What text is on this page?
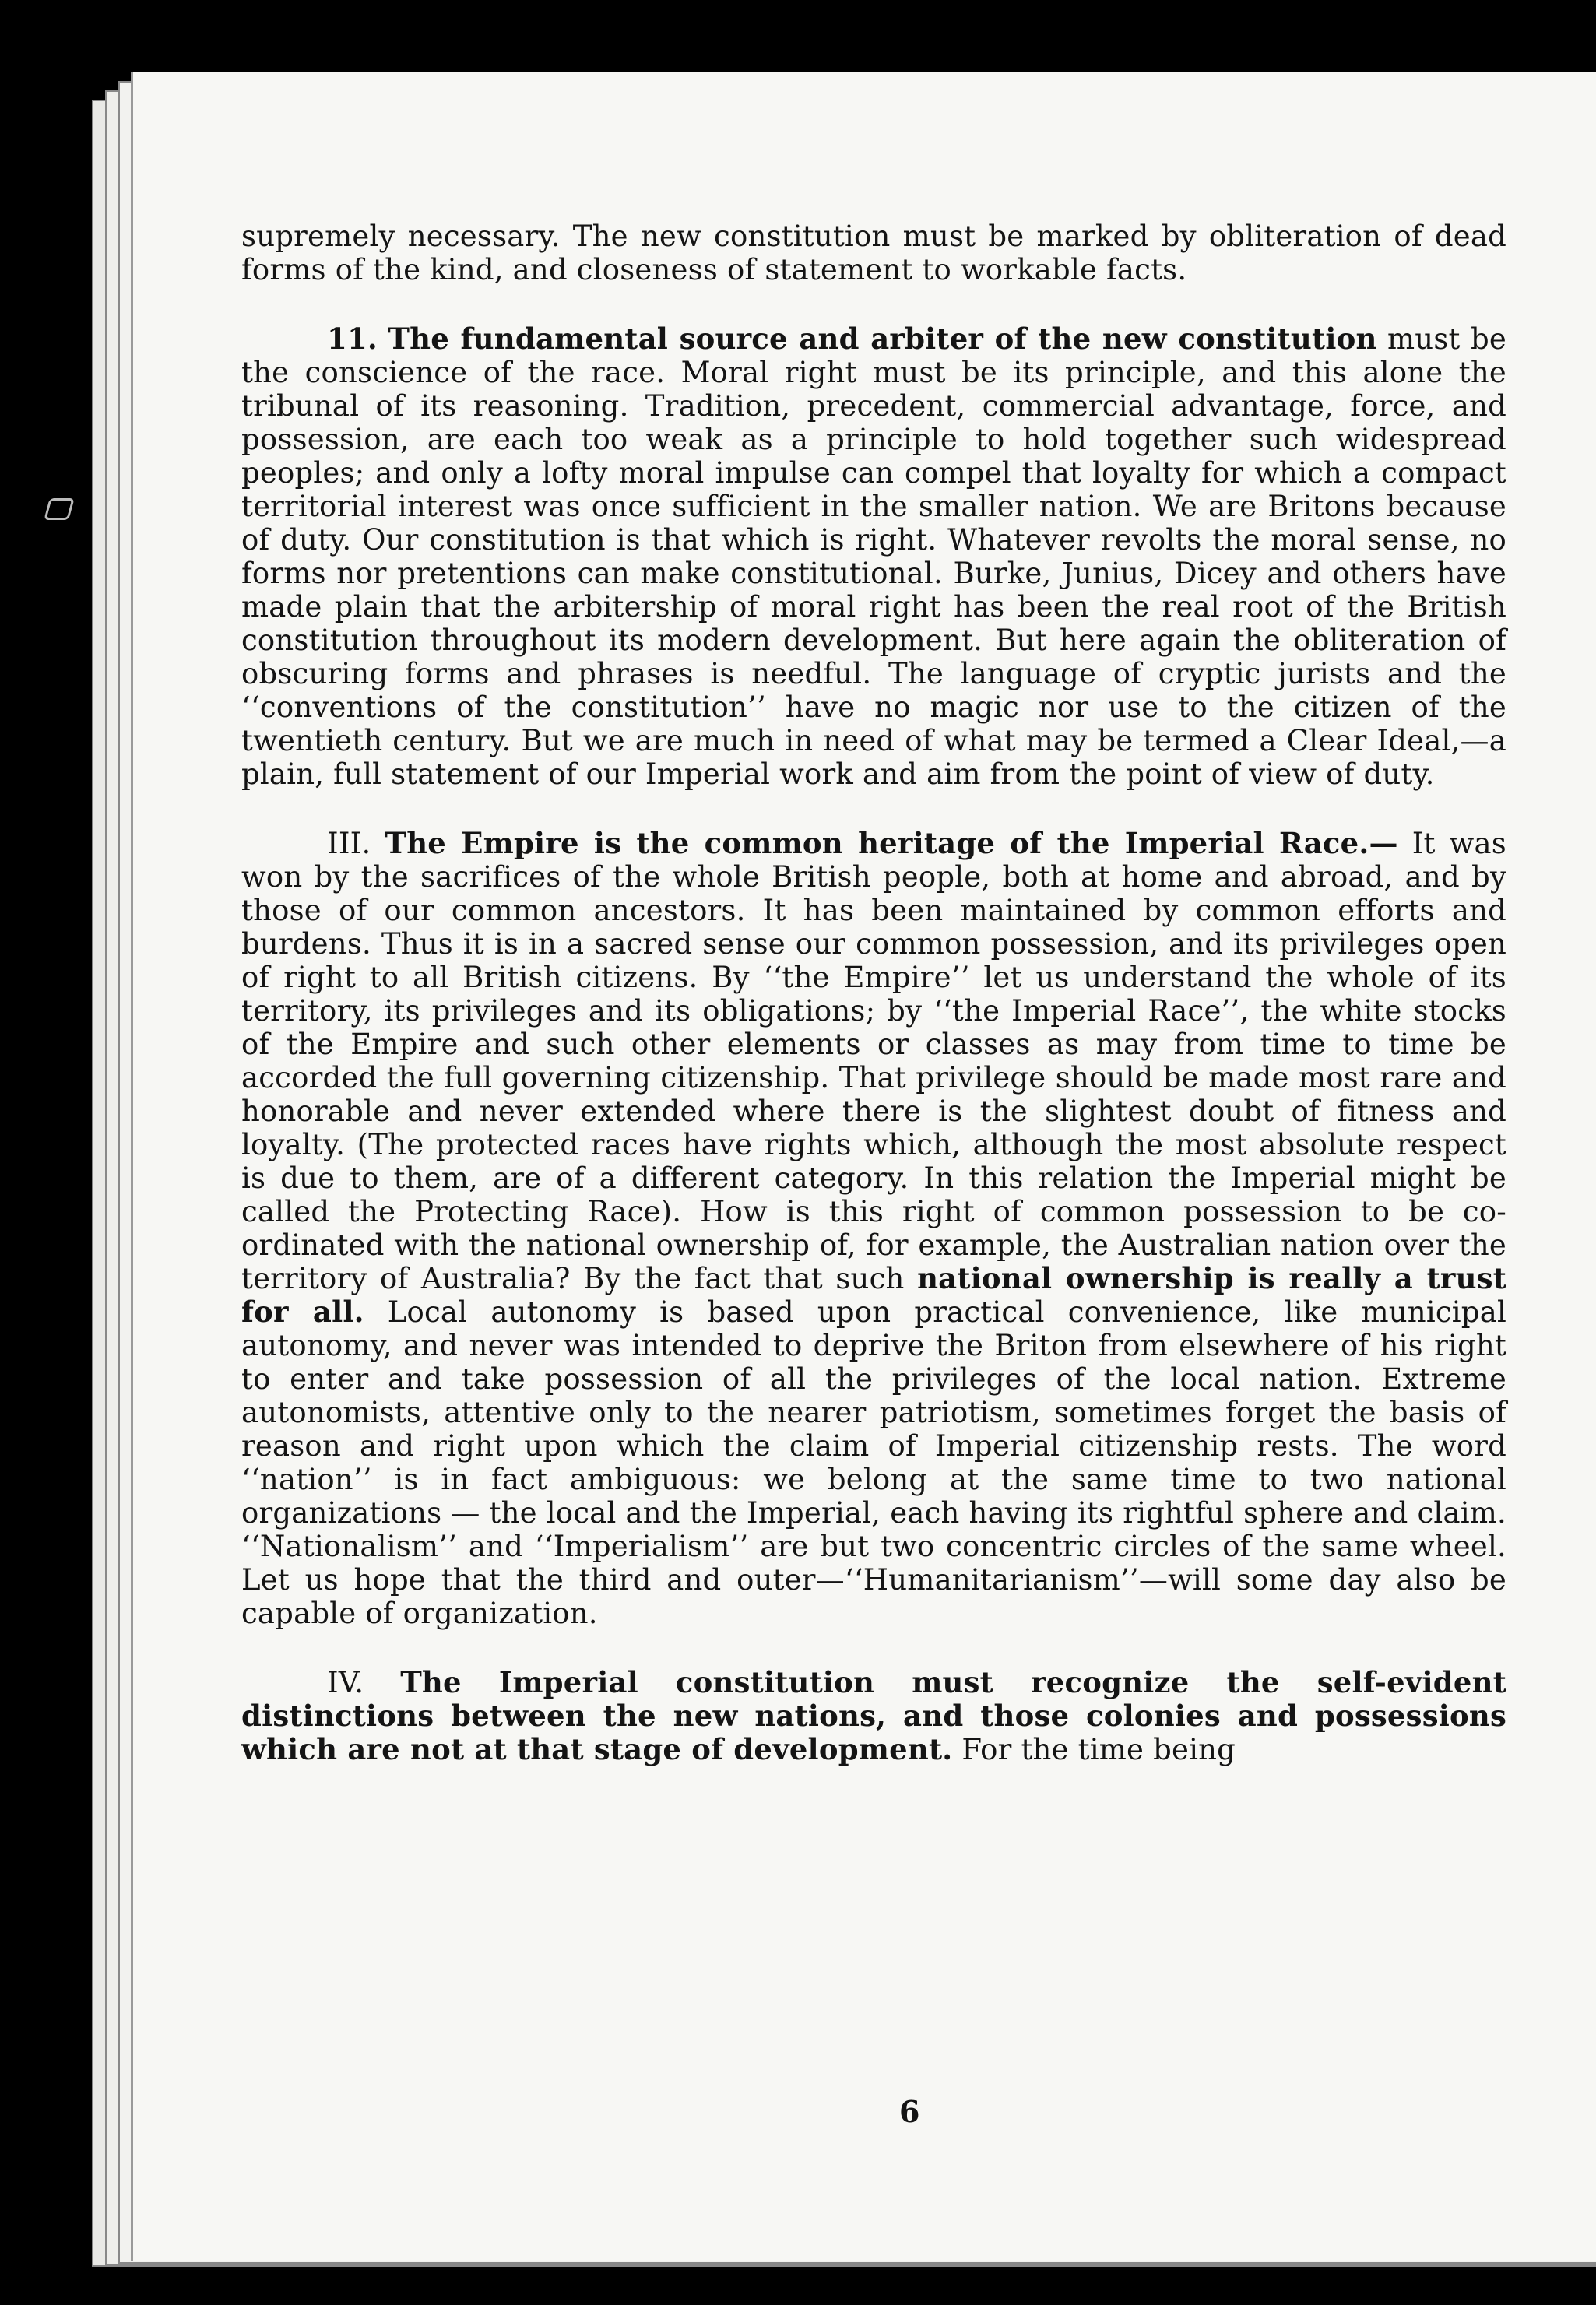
supremely necessary. The new constitution must be marked by obliteration of dead forms of the kind, and closeness of statement to workable facts.

11. The fundamental source and arbiter of the new constitution must be the conscience of the race. Moral right must be its principle, and this alone the tribunal of its reasoning. Tradition, precedent, commercial advantage, force, and possession, are each too weak as a principle to hold together such widespread peoples; and only a lofty moral impulse can compel that loyalty for which a compact territorial interest was once sufficient in the smaller nation. We are Britons because of duty. Our constitution is that which is right. Whatever revolts the moral sense, no forms nor pretentions can make constitutional. Burke, Junius, Dicey and others have made plain that the arbitership of moral right has been the real root of the British constitution throughout its modern development. But here again the obliteration of obscuring forms and phrases is needful. The language of cryptic jurists and the ‘‘conventions of the constitution’’ have no magic nor use to the citizen of the twentieth century. But we are much in need of what may be termed a Clear Ideal,—a plain, full statement of our Imperial work and aim from the point of view of duty.

III. The Empire is the common heritage of the Imperial Race.— It was won by the sacrifices of the whole British people, both at home and abroad, and by those of our common ancestors. It has been maintained by common efforts and burdens. Thus it is in a sacred sense our common possession, and its privileges open of right to all British citizens. By ‘‘the Empire’’ let us understand the whole of its territory, its privileges and its obligations; by ‘‘the Imperial Race’’, the white stocks of the Empire and such other elements or classes as may from time to time be accorded the full governing citizenship. That privilege should be made most rare and honorable and never extended where there is the slightest doubt of fitness and loyalty. (The protected races have rights which, although the most absolute respect is due to them, are of a different category. In this relation the Imperial might be called the Protecting Race). How is this right of common possession to be co-ordinated with the national ownership of, for example, the Australian nation over the territory of Australia? By the fact that such national ownership is really a trust for all. Local autonomy is based upon practical convenience, like municipal autonomy, and never was intended to deprive the Briton from elsewhere of his right to enter and take possession of all the privileges of the local nation. Extreme autonomists, attentive only to the nearer patriotism, sometimes forget the basis of reason and right upon which the claim of Imperial citizenship rests. The word ‘‘nation’’ is in fact ambiguous: we belong at the same time to two national organizations — the local and the Imperial, each having its rightful sphere and claim. ‘‘Nationalism’’ and ‘‘Imperialism’’ are but two concentric circles of the same wheel. Let us hope that the third and outer—‘‘Humanitarianism’’—will some day also be capable of organization.

IV. The Imperial constitution must recognize the self-evident distinctions between the new nations, and those colonies and possessions which are not at that stage of development. For the time being

6
